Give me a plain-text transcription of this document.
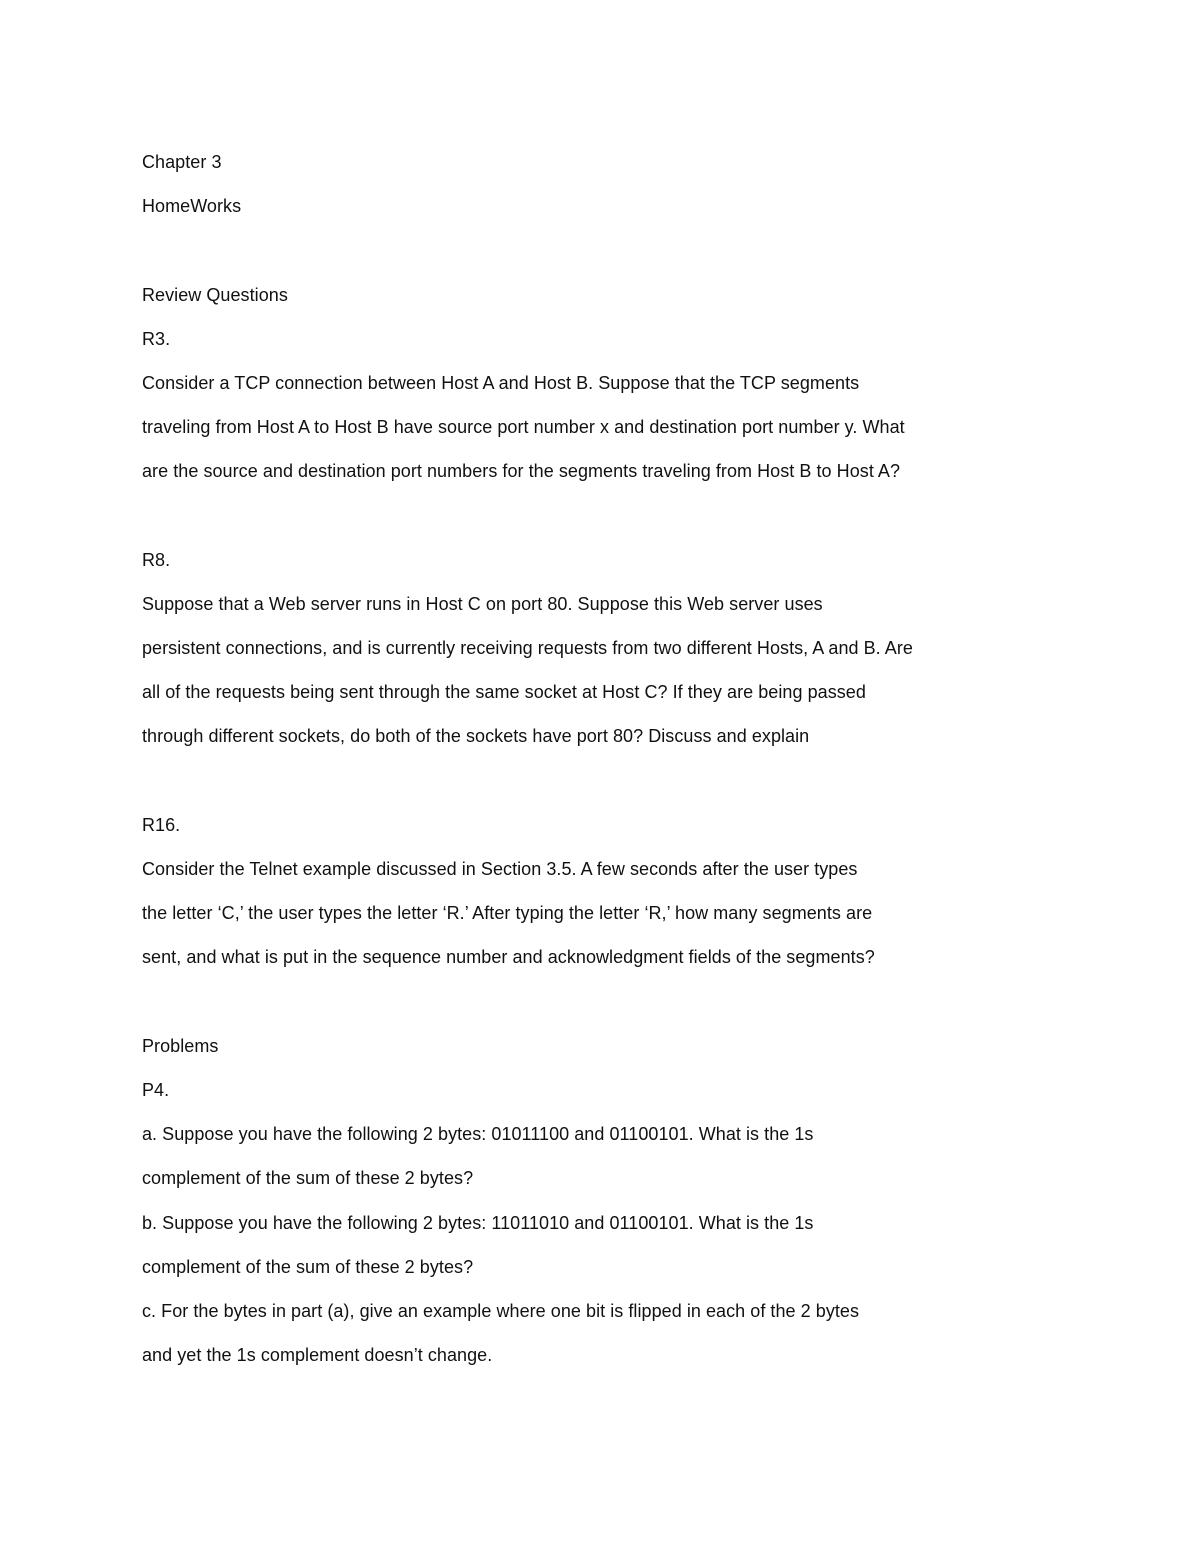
Chapter 3
HomeWorks
Review Questions
R3.
Consider a TCP connection between Host A and Host B. Suppose that the TCP segments
traveling from Host A to Host B have source port number x and destination port number y. What
are the source and destination port numbers for the segments traveling from Host B to Host A?
R8.
Suppose that a Web server runs in Host C on port 80. Suppose this Web server uses
persistent connections, and is currently receiving requests from two different Hosts, A and B. Are
all of the requests being sent through the same socket at Host C? If they are being passed
through different sockets, do both of the sockets have port 80? Discuss and explain
R16.
Consider the Telnet example discussed in Section 3.5. A few seconds after the user types
the letter ‘C,’ the user types the letter ‘R.’ After typing the letter ‘R,’ how many segments are
sent, and what is put in the sequence number and acknowledgment fields of the segments?
Problems
P4.
a. Suppose you have the following 2 bytes: 01011100 and 01100101. What is the 1s
complement of the sum of these 2 bytes?
b. Suppose you have the following 2 bytes: 11011010 and 01100101. What is the 1s
complement of the sum of these 2 bytes?
c. For the bytes in part (a), give an example where one bit is flipped in each of the 2 bytes
and yet the 1s complement doesn’t change.
